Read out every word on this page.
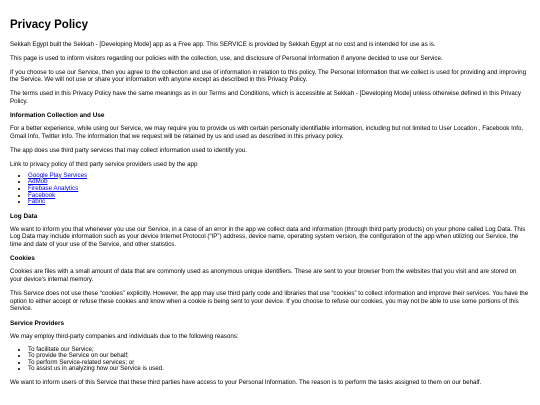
Privacy Policy

Sekkah Egypt built the Sekkah - [Developing Mode] app as a Free app. This SERVICE is provided by Sekkah Egypt at no cost and is intended for use as is.

This page is used to inform visitors regarding our policies with the collection, use, and disclosure of Personal Information if anyone decided to use our Service.

If you choose to use our Service, then you agree to the collection and use of information in relation to this policy. The Personal Information that we collect is used for providing and improving the Service. We will not use or share your information with anyone except as described in this Privacy Policy.

The terms used in this Privacy Policy have the same meanings as in our Terms and Conditions, which is accessible at Sekkah - [Developing Mode] unless otherwise defined in this Privacy Policy.

Information Collection and Use

For a better experience, while using our Service, we may require you to provide us with certain personally identifiable information, including but not limited to User Location , Facebook Info, Gmail Info, Twitter Info. The information that we request will be retained by us and used as described in this privacy policy.

The app does use third party services that may collect information used to identify you.

Link to privacy policy of third party service providers used by the app

• Google Play Services
• AdMob
• Firebase Analytics
• Facebook
• Fabric
Log Data

We want to inform you that whenever you use our Service, in a case of an error in the app we collect data and information (through third party products) on your phone called Log Data. This Log Data may include information such as your device Internet Protocol (“IP”) address, device name, operating system version, the configuration of the app when utilizing our Service, the time and date of your use of the Service, and other statistics.

Cookies

Cookies are files with a small amount of data that are commonly used as anonymous unique identifiers. These are sent to your browser from the websites that you visit and are stored on your device's internal memory.

This Service does not use these “cookies” explicitly. However, the app may use third party code and libraries that use “cookies” to collect information and improve their services. You have the option to either accept or refuse these cookies and know when a cookie is being sent to your device. If you choose to refuse our cookies, you may not be able to use some portions of this Service.

Service Providers

We may employ third-party companies and individuals due to the following reasons:

• To facilitate our Service;
• To provide the Service on our behalf;
• To perform Service-related services; or
• To assist us in analyzing how our Service is used.

We want to inform users of this Service that these third parties have access to your Personal Information. The reason is to perform the tasks assigned to them on our behalf.
